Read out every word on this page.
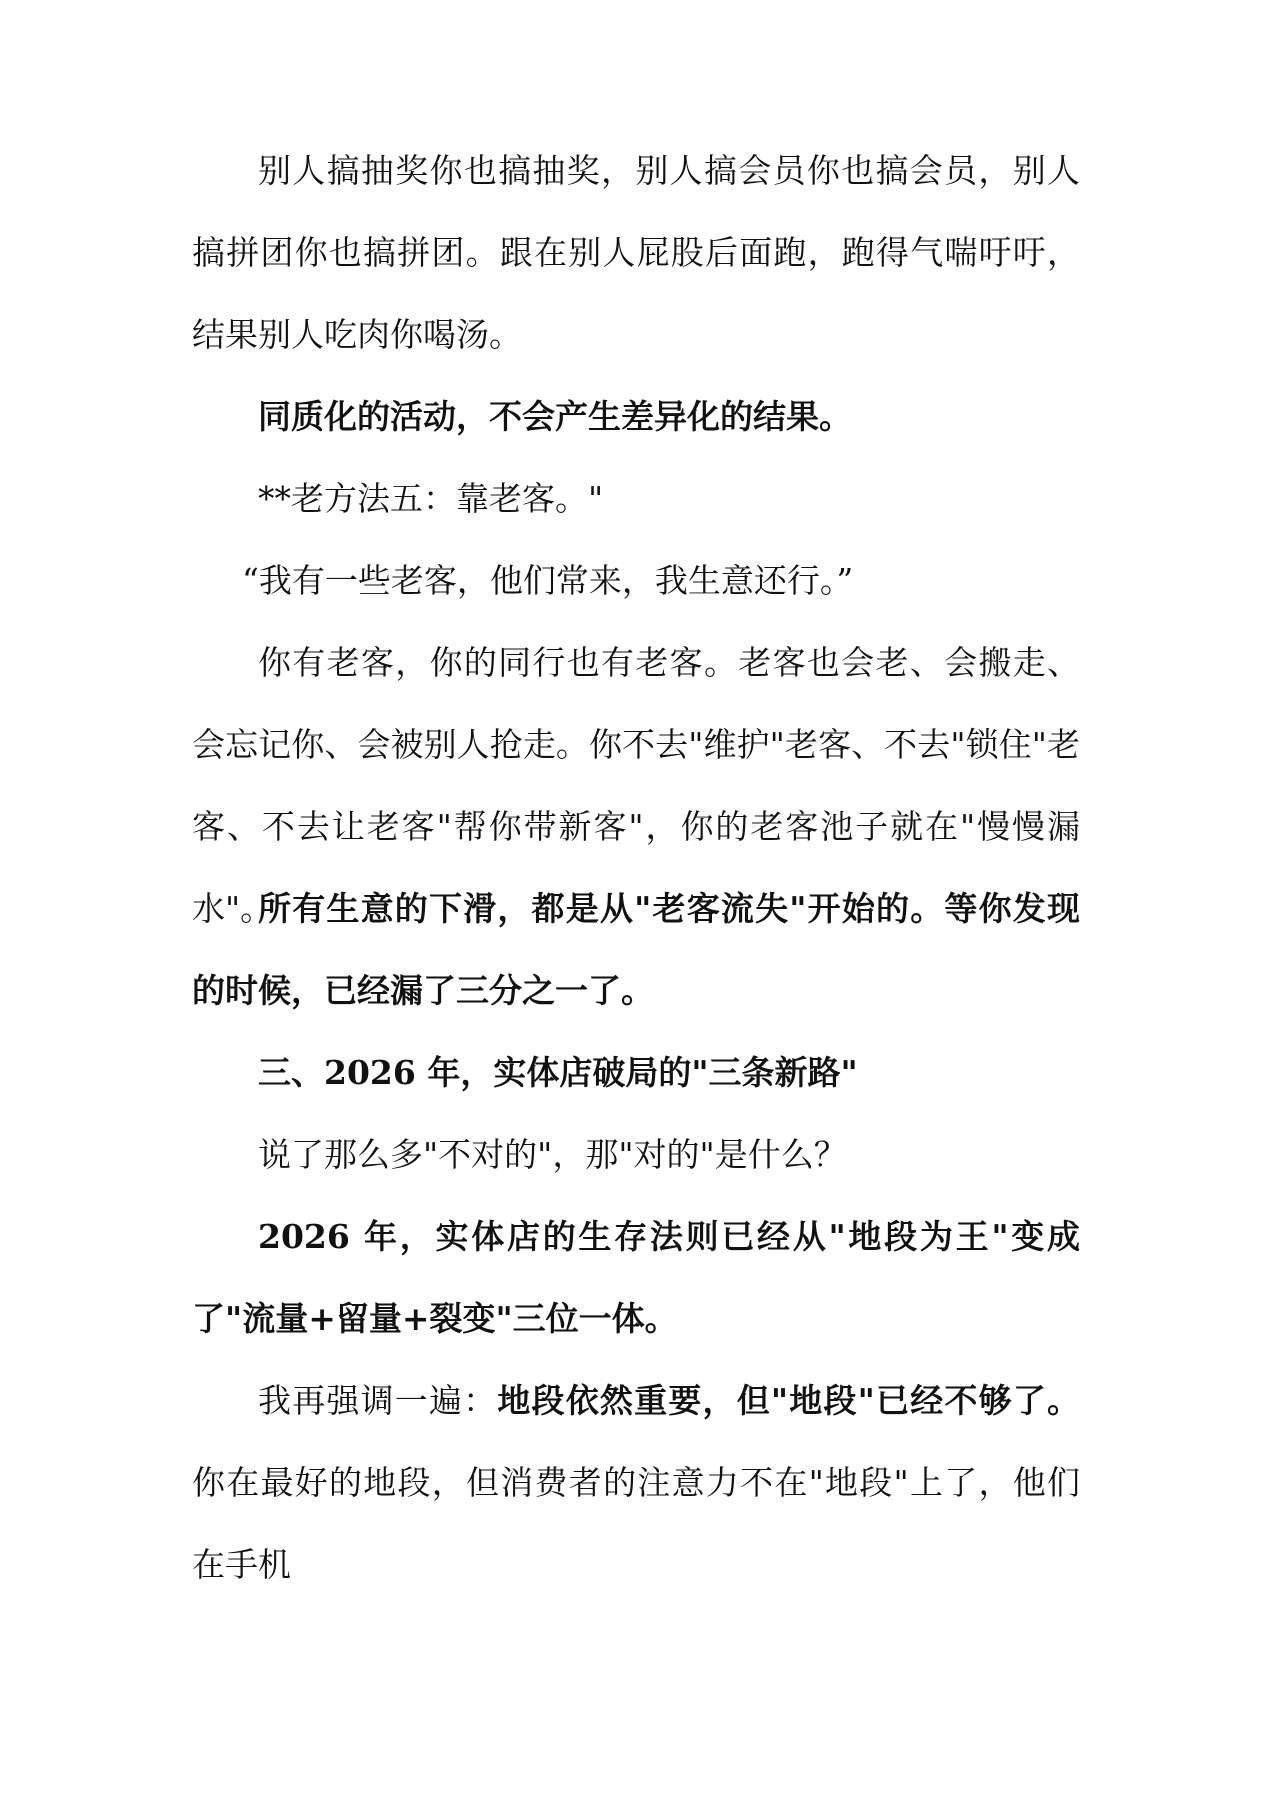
别人搞抽奖你也搞抽奖，别人搞会员你也搞会员，别人搞拼团你也搞拼团。跟在别人屁股后面跑，跑得气喘吁吁，结果别人吃肉你喝汤。

同质化的活动，不会产生差异化的结果。

**老方法五：靠老客。"

“我有一些老客，他们常来，我生意还行。”

你有老客，你的同行也有老客。老客也会老、会搬走、会忘记你、会被别人抢走。你不去"维护"老客、不去"锁住"老客、不去让老客"帮你带新客"，你的老客池子就在"慢慢漏水"。

所有生意的下滑，都是从"老客流失"开始的。等你发现的时候，已经漏了三分之一了。

三、2026 年，实体店破局的"三条新路"

说了那么多"不对的"，那"对的"是什么？

2026 年，实体店的生存法则已经从"地段为王"变成了"流量+留量+裂变"三位一体。

我再强调一遍：地段依然重要，但"地段"已经不够了。 你在最好的地段，但消费者的注意力不在"地段"上了，他们在手机
